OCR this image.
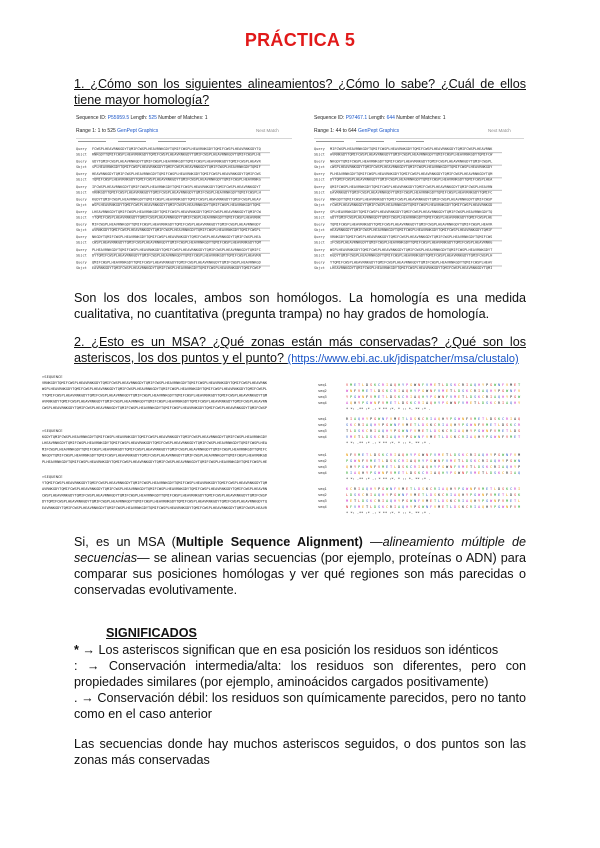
PRÁCTICA 5
1. ¿Cómo son los siguientes alineamientos? ¿Cómo lo sabe? ¿Cuál de ellos tiene mayor homología?
Sequence ID: P55959.5 Length: 525 Number of Matches: 1
Range 1: 1 to 525 GenPept Graphics	Next Match
Query FCWSPLHEAVRNKGDYTQMIFCWSPLHEAVRNKGDYTQMIFCWSPLHEAVRNKGDYTQMIFCWSPLHEAVRNKGDYTQ
Sbjct RNKGDYTQMIFCWSPLHEAVRNKGDYTQMIFCWSPLHEAVRNKGDYTQMIFCWSPLHEAVRNKGDYTQMIFCWSPLHE
Query GDYTQMIFCWSPLHEAVRNKGDYTQMIFCWSPLHEAVRNKGDYTQMIFCWSPLHEAVRNKGDYTQMIFCWSPLHEAVR
Sbjct SPLHEAVRNKGDYTQMIFCWSPLHEAVRNKGDYTQMIFCWSPLHEAVRNKGDYTQMIFCWSPLHEAVRNKGDYTQMIF
Query HEAVRNKGDYTQMIFCWSPLHEAVRNKGDYTQMIFCWSPLHEAVRNKGDYTQMIFCWSPLHEAVRNKGDYTQMIFCWS
Sbjct TQMIFCWSPLHEAVRNKGDYTQMIFCWSPLHEAVRNKGDYTQMIFCWSPLHEAVRNKGDYTQMIFCWSPLHEAVRNKG
Query IFCWSPLHEAVRNKGDYTQMIFCWSPLHEAVRNKGDYTQMIFCWSPLHEAVRNKGDYTQMIFCWSPLHEAVRNKGDYT
Sbjct VRNKGDYTQMIFCWSPLHEAVRNKGDYTQMIFCWSPLHEAVRNKGDYTQMIFCWSPLHEAVRNKGDYTQMIFCWSPLH
Query KGDYTQMIFCWSPLHEAVRNKGDYTQMIFCWSPLHEAVRNKGDYTQMIFCWSPLHEAVRNKGDYTQMIFCWSPLHEAV
Sbjct WSPLHEAVRNKGDYTQMIFCWSPLHEAVRNKGDYTQMIFCWSPLHEAVRNKGDYTQMIFCWSPLHEAVRNKGDYTQMI
Query LHEAVRNKGDYTQMIFCWSPLHEAVRNKGDYTQMIFCWSPLHEAVRNKGDYTQMIFCWSPLHEAVRNKGDYTQMIFCW
Sbjct YTQMIFCWSPLHEAVRNKGDYTQMIFCWSPLHEAVRNKGDYTQMIFCWSPLHEAVRNKGDYTQMIFCWSPLHEAVRNK
Query MIFCWSPLHEAVRNKGDYTQMIFCWSPLHEAVRNKGDYTQMIFCWSPLHEAVRNKGDYTQMIFCWSPLHEAVRNKGDY
Sbjct AVRNKGDYTQMIFCWSPLHEAVRNKGDYTQMIFCWSPLHEAVRNKGDYTQMIFCWSPLHEAVRNKGDYTQMIFCWSPL
Query NKGDYTQMIFCWSPLHEAVRNKGDYTQMIFCWSPLHEAVRNKGDYTQMIFCWSPLHEAVRNKGDYTQMIFCWSPLHEA
Sbjct CWSPLHEAVRNKGDYTQMIFCWSPLHEAVRNKGDYTQMIFCWSPLHEAVRNKGDYTQMIFCWSPLHEAVRNKGDYTQM
Query PLHEAVRNKGDYTQMIFCWSPLHEAVRNKGDYTQMIFCWSPLHEAVRNKGDYTQMIFCWSPLHEAVRNKGDYTQMIFC
Sbjct DYTQMIFCWSPLHEAVRNKGDYTQMIFCWSPLHEAVRNKGDYTQMIFCWSPLHEAVRNKGDYTQMIFCWSPLHEAVRN
Query QMIFCWSPLHEAVRNKGDYTQMIFCWSPLHEAVRNKGDYTQMIFCWSPLHEAVRNKGDYTQMIFCWSPLHEAVRNKGD
Sbjct EAVRNKGDYTQMIFCWSPLHEAVRNKGDYTQMIFCWSPLHEAVRNKGDYTQMIFCWSPLHEAVRNKGDYTQMIFCWSP
Sequence ID: P97467.1 Length: 644 Number of Matches: 1
Range 1: 44 to 644 GenPept Graphics	Next Match
Query MIFCWSPLHEAVRNKGDYTQMIFCWSPLHEAVRNKGDYTQMIFCWSPLHEAVRNKGDYTQMIFCWSPLHEAVRNK
Sbjct AVRNKGDYTQMIFCWSPLHEAVRNKGDYTQMIFCWSPLHEAVRNKGDYTQMIFCWSPLHEAVRNKGDYTQMIFCW
Query NKGDYTQMIFCWSPLHEAVRNKGDYTQMIFCWSPLHEAVRNKGDYTQMIFCWSPLHEAVRNKGDYTQMIFCWSPL
Sbjct CWSPLHEAVRNKGDYTQMIFCWSPLHEAVRNKGDYTQMIFCWSPLHEAVRNKGDYTQMIFCWSPLHEAVRNKGDY
Query PLHEAVRNKGDYTQMIFCWSPLHEAVRNKGDYTQMIFCWSPLHEAVRNKGDYTQMIFCWSPLHEAVRNKGDYTQM
Sbjct DYTQMIFCWSPLHEAVRNKGDYTQMIFCWSPLHEAVRNKGDYTQMIFCWSPLHEAVRNKGDYTQMIFCWSPLHEA
Query QMIFCWSPLHEAVRNKGDYTQMIFCWSPLHEAVRNKGDYTQMIFCWSPLHEAVRNKGDYTQMIFCWSPLHEAVRN
Sbjct EAVRNKGDYTQMIFCWSPLHEAVRNKGDYTQMIFCWSPLHEAVRNKGDYTQMIFCWSPLHEAVRNKGDYTQMIFC
Query RNKGDYTQMIFCWSPLHEAVRNKGDYTQMIFCWSPLHEAVRNKGDYTQMIFCWSPLHEAVRNKGDYTQMIFCWSP
Sbjct FCWSPLHEAVRNKGDYTQMIFCWSPLHEAVRNKGDYTQMIFCWSPLHEAVRNKGDYTQMIFCWSPLHEAVRNKGD
Query SPLHEAVRNKGDYTQMIFCWSPLHEAVRNKGDYTQMIFCWSPLHEAVRNKGDYTQMIFCWSPLHEAVRNKGDYTQ
Sbjct GDYTQMIFCWSPLHEAVRNKGDYTQMIFCWSPLHEAVRNKGDYTQMIFCWSPLHEAVRNKGDYTQMIFCWSPLHE
Query TQMIFCWSPLHEAVRNKGDYTQMIFCWSPLHEAVRNKGDYTQMIFCWSPLHEAVRNKGDYTQMIFCWSPLHEAVR
Sbjct HEAVRNKGDYTQMIFCWSPLHEAVRNKGDYTQMIFCWSPLHEAVRNKGDYTQMIFCWSPLHEAVRNKGDYTQMIF
Query VRNKGDYTQMIFCWSPLHEAVRNKGDYTQMIFCWSPLHEAVRNKGDYTQMIFCWSPLHEAVRNKGDYTQMIFCWS
Sbjct IFCWSPLHEAVRNKGDYTQMIFCWSPLHEAVRNKGDYTQMIFCWSPLHEAVRNKGDYTQMIFCWSPLHEAVRNKG
Query WSPLHEAVRNKGDYTQMIFCWSPLHEAVRNKGDYTQMIFCWSPLHEAVRNKGDYTQMIFCWSPLHEAVRNKGDYT
Sbjct KGDYTQMIFCWSPLHEAVRNKGDYTQMIFCWSPLHEAVRNKGDYTQMIFCWSPLHEAVRNKGDYTQMIFCWSPLH
Query YTQMIFCWSPLHEAVRNKGDYTQMIFCWSPLHEAVRNKGDYTQMIFCWSPLHEAVRNKGDYTQMIFCWSPLHEAV
Sbjct LHEAVRNKGDYTQMIFCWSPLHEAVRNKGDYTQMIFCWSPLHEAVRNKGDYTQMIFCWSPLHEAVRNKGDYTQMI
Son los dos locales, ambos son homólogos. La homología es una medida cualitativa, no cuantitativa (pregunta trampa) no hay grados de homología.
2. ¿Esto es un MSA? ¿Qué zonas están más conservadas? ¿Qué son los asteriscos, los dos puntos y el punto? (https://www.ebi.ac.uk/jdispatcher/msa/clustalo)
>SEQUENCE
VRNKGDYTQMIFCWSPLHEAVRNKGDYTQMIFCWSPLHEAVRNKGDYTQMIFCWSPLHEAVRNKGDYTQMIFCWSPLHEAVRNKGDYTQMIFCWSPLHEAVRNK
WSPLHEAVRNKGDYTQMIFCWSPLHEAVRNKGDYTQMIFCWSPLHEAVRNKGDYTQMIFCWSPLHEAVRNKGDYTQMIFCWSPLHEAVRNKGDYTQMIFCWSPL
YTQMIFCWSPLHEAVRNKGDYTQMIFCWSPLHEAVRNKGDYTQMIFCWSPLHEAVRNKGDYTQMIFCWSPLHEAVRNKGDYTQMIFCWSPLHEAVRNKGDYTQM
AVRNKGDYTQMIFCWSPLHEAVRNKGDYTQMIFCWSPLHEAVRNKGDYTQMIFCWSPLHEAVRNKGDYTQMIFCWSPLHEAVRNKGDYTQMIFCWSPLHEAVRN
CWSPLHEAVRNKGDYTQMIFCWSPLHEAVRNKGDYTQMIFCWSPLHEAVRNKGDYTQMIFCWSPLHEAVRNKGDYTQMIFCWSPLHEAVRNKGDYTQMIFCWSP
>SEQUENCE
KGDYTQMIFCWSPLHEAVRNKGDYTQMIFCWSPLHEAVRNKGDYTQMIFCWSPLHEAVRNKGDYTQMIFCWSPLHEAVRNKGDYTQMIFCWSPLHEAVRNKGDY
LHEAVRNKGDYTQMIFCWSPLHEAVRNKGDYTQMIFCWSPLHEAVRNKGDYTQMIFCWSPLHEAVRNKGDYTQMIFCWSPLHEAVRNKGDYTQMIFCWSPLHEA
MIFCWSPLHEAVRNKGDYTQMIFCWSPLHEAVRNKGDYTQMIFCWSPLHEAVRNKGDYTQMIFCWSPLHEAVRNKGDYTQMIFCWSPLHEAVRNKGDYTQMIFC
NKGDYTQMIFCWSPLHEAVRNKGDYTQMIFCWSPLHEAVRNKGDYTQMIFCWSPLHEAVRNKGDYTQMIFCWSPLHEAVRNKGDYTQMIFCWSPLHEAVRNKGD
PLHEAVRNKGDYTQMIFCWSPLHEAVRNKGDYTQMIFCWSPLHEAVRNKGDYTQMIFCWSPLHEAVRNKGDYTQMIFCWSPLHEAVRNKGDYTQMIFCWSPLHE
>SEQUENCE
YTQMIFCWSPLHEAVRNKGDYTQMIFCWSPLHEAVRNKGDYTQMIFCWSPLHEAVRNKGDYTQMIFCWSPLHEAVRNKGDYTQMIFCWSPLHEAVRNKGDYTQM
AVRNKGDYTQMIFCWSPLHEAVRNKGDYTQMIFCWSPLHEAVRNKGDYTQMIFCWSPLHEAVRNKGDYTQMIFCWSPLHEAVRNKGDYTQMIFCWSPLHEAVRN
CWSPLHEAVRNKGDYTQMIFCWSPLHEAVRNKGDYTQMIFCWSPLHEAVRNKGDYTQMIFCWSPLHEAVRNKGDYTQMIFCWSPLHEAVRNKGDYTQMIFCWSP
DYTQMIFCWSPLHEAVRNKGDYTQMIFCWSPLHEAVRNKGDYTQMIFCWSPLHEAVRNKGDYTQMIFCWSPLHEAVRNKGDYTQMIFCWSPLHEAVRNKGDYTQ
EAVRNKGDYTQMIFCWSPLHEAVRNKGDYTQMIFCWSPLHEAVRNKGDYTQMIFCWSPLHEAVRNKGDYTQMIFCWSPLHEAVRNKGDYTQMIFCWSPLHEAVR
seq1	V M E T L D S K C R I A Q H Y P G W N F V M E T L D S K C R I A Q H Y P G W N F V M E T
seq2	W N F V M E T L D S K C R I A Q H Y P G W N F V M E T L D S K C R I A Q H Y P G W N F V
seq3	Y P G W N F V M E T L D S K C R I A Q H Y P G W N F V M E T L D S K C R I A Q H Y P G W
seq4	A Q H Y P G W N F V M E T L D S K C R I A Q H Y P G W N F V M E T L D S K C R I A Q H Y
* *: .** :* .: * ** :*. * :: *. ** :* .
seq1	R I A Q H Y P G W N F V M E T L D S K C R I A Q H Y P G W N F V M E T L D S K C R I A Q
seq2	S K C R I A Q H Y P G W N F V M E T L D S K C R I A Q H Y P G W N F V M E T L D S K C R
seq3	T L D S K C R I A Q H Y P G W N F V M E T L D S K C R I A Q H Y P G W N F V M E T L D S
seq4	V M E T L D S K C R I A Q H Y P G W N F V M E T L D S K C R I A Q H Y P G W N F V M E T
* *: .** :* .: * ** :*. * :: *. ** :* .
seq1	N F V M E T L D S K C R I A Q H Y P G W N F V M E T L D S K C R I A Q H Y P G W N F V M
seq2	P G W N F V M E T L D S K C R I A Q H Y P G W N F V M E T L D S K C R I A Q H Y P G W N
seq3	Q H Y P G W N F V M E T L D S K C R I A Q H Y P G W N F V M E T L D S K C R I A Q H Y P
seq4	R I A Q H Y P G W N F V M E T L D S K C R I A Q H Y P G W N F V M E T L D S K C R I A Q
* *: .** :* .: * ** :*. * :: *. ** :* .
seq1	K C R I A Q H Y P G W N F V M E T L D S K C R I A Q H Y P G W N F V M E T L D S K C R I
seq2	L D S K C R I A Q H Y P G W N F V M E T L D S K C R I A Q H Y P G W N F V M E T L D S K
seq3	M E T L D S K C R I A Q H Y P G W N F V M E T L D S K C R I A Q H Y P G W N F V M E T L
seq4	N F V M E T L D S K C R I A Q H Y P G W N F V M E T L D S K C R I A Q H Y P G W N F V M
* *: .** :* .: * ** :*. * :: *. ** :* .
Si, es un MSA (Multiple Sequence Alignment) —alineamiento múltiple de secuencias— se alinean varias secuencias (por ejemplo, proteínas o ADN) para comparar sus posiciones homólogas y ver qué regiones son más parecidas o conservadas evolutivamente.
SIGNIFICADOS
* → Los asteriscos significan que en esa posición los residuos son idénticos
: → Conservación intermedia/alta: los residuos son diferentes, pero con propiedades similares (por ejemplo, aminoácidos cargados positivamente)
. → Conservación débil: los residuos son químicamente parecidos, pero no tanto como en el caso anterior
Las secuencias donde hay muchos asteriscos seguidos, o dos puntos son las zonas más conservadas
